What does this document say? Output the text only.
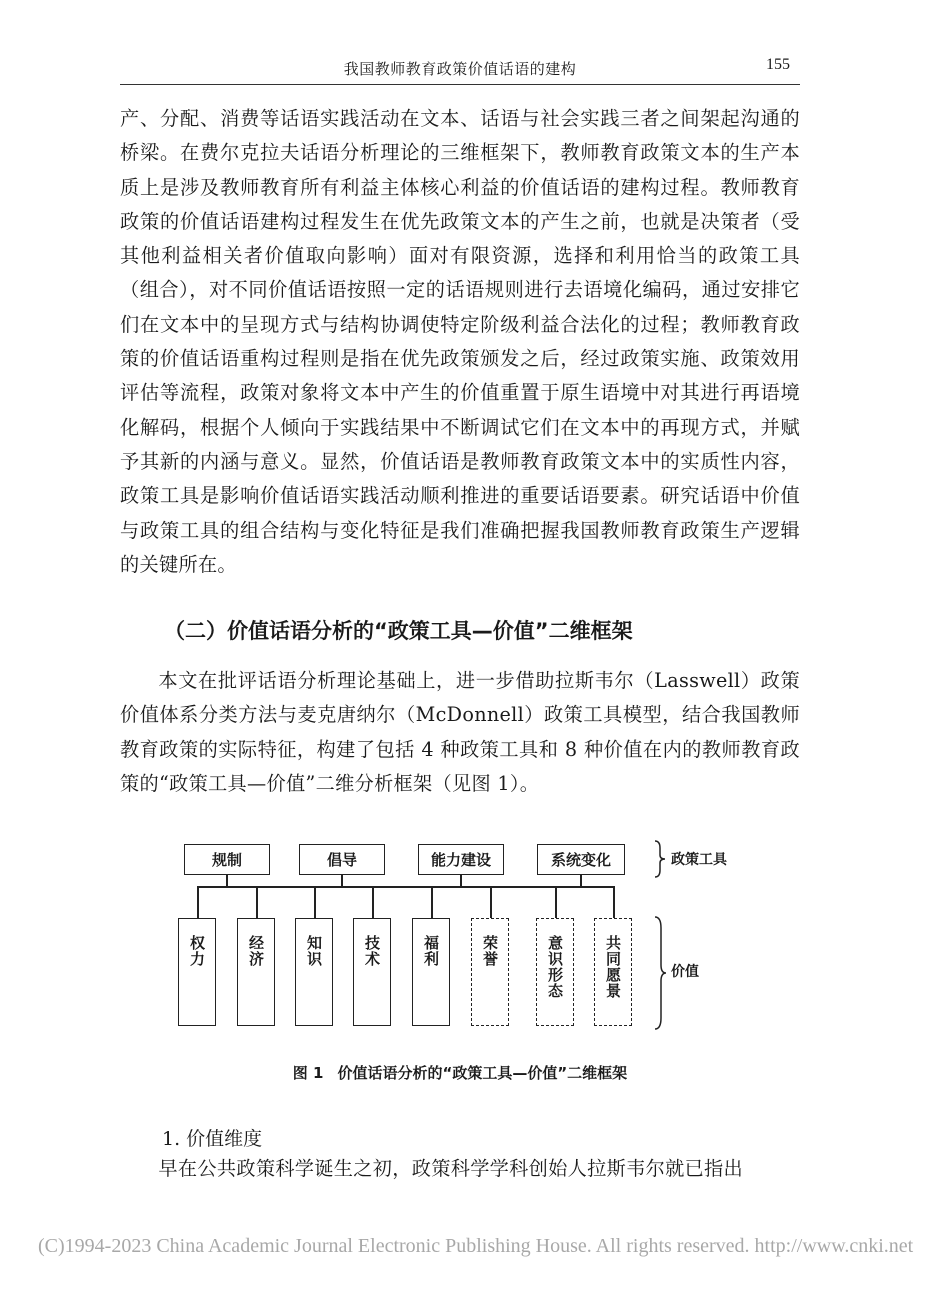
我国教师教育政策价值话语的建构	155

产、分配、消费等话语实践活动在文本、话语与社会实践三者之间架起沟通的桥梁。在费尔克拉夫话语分析理论的三维框架下，教师教育政策文本的生产本质上是涉及教师教育所有利益主体核心利益的价值话语的建构过程。教师教育政策的价值话语建构过程发生在优先政策文本的产生之前，也就是决策者（受其他利益相关者价值取向影响）面对有限资源，选择和利用恰当的政策工具（组合），对不同价值话语按照一定的话语规则进行去语境化编码，通过安排它们在文本中的呈现方式与结构协调使特定阶级利益合法化的过程；教师教育政策的价值话语重构过程则是指在优先政策颁发之后，经过政策实施、政策效用评估等流程，政策对象将文本中产生的价值重置于原生语境中对其进行再语境化解码，根据个人倾向于实践结果中不断调试它们在文本中的再现方式，并赋予其新的内涵与意义。显然，价值话语是教师教育政策文本中的实质性内容，政策工具是影响价值话语实践活动顺利推进的重要话语要素。研究话语中价值与政策工具的组合结构与变化特征是我们准确把握我国教师教育政策生产逻辑的关键所在。

（二）价值话语分析的“政策工具—价值”二维框架

本文在批评话语分析理论基础上，进一步借助拉斯韦尔（Lasswell）政策价值体系分类方法与麦克唐纳尔（McDonnell）政策工具模型，结合我国教师教育政策的实际特征，构建了包括 4 种政策工具和 8 种价值在内的教师教育政策的“政策工具—价值”二维分析框架（见图 1）。

规制	倡导	能力建设	系统变化
权力	经济	知识	技术	福利	荣誉	意识形态	共同愿景
政策工具
价值
图 1 价值话语分析的“政策工具—价值”二维框架
1. 价值维度

早在公共政策科学诞生之初，政策科学学科创始人拉斯韦尔就已指出

(C)1994-2023 China Academic Journal Electronic Publishing House. All rights reserved. http://www.cnki.net
